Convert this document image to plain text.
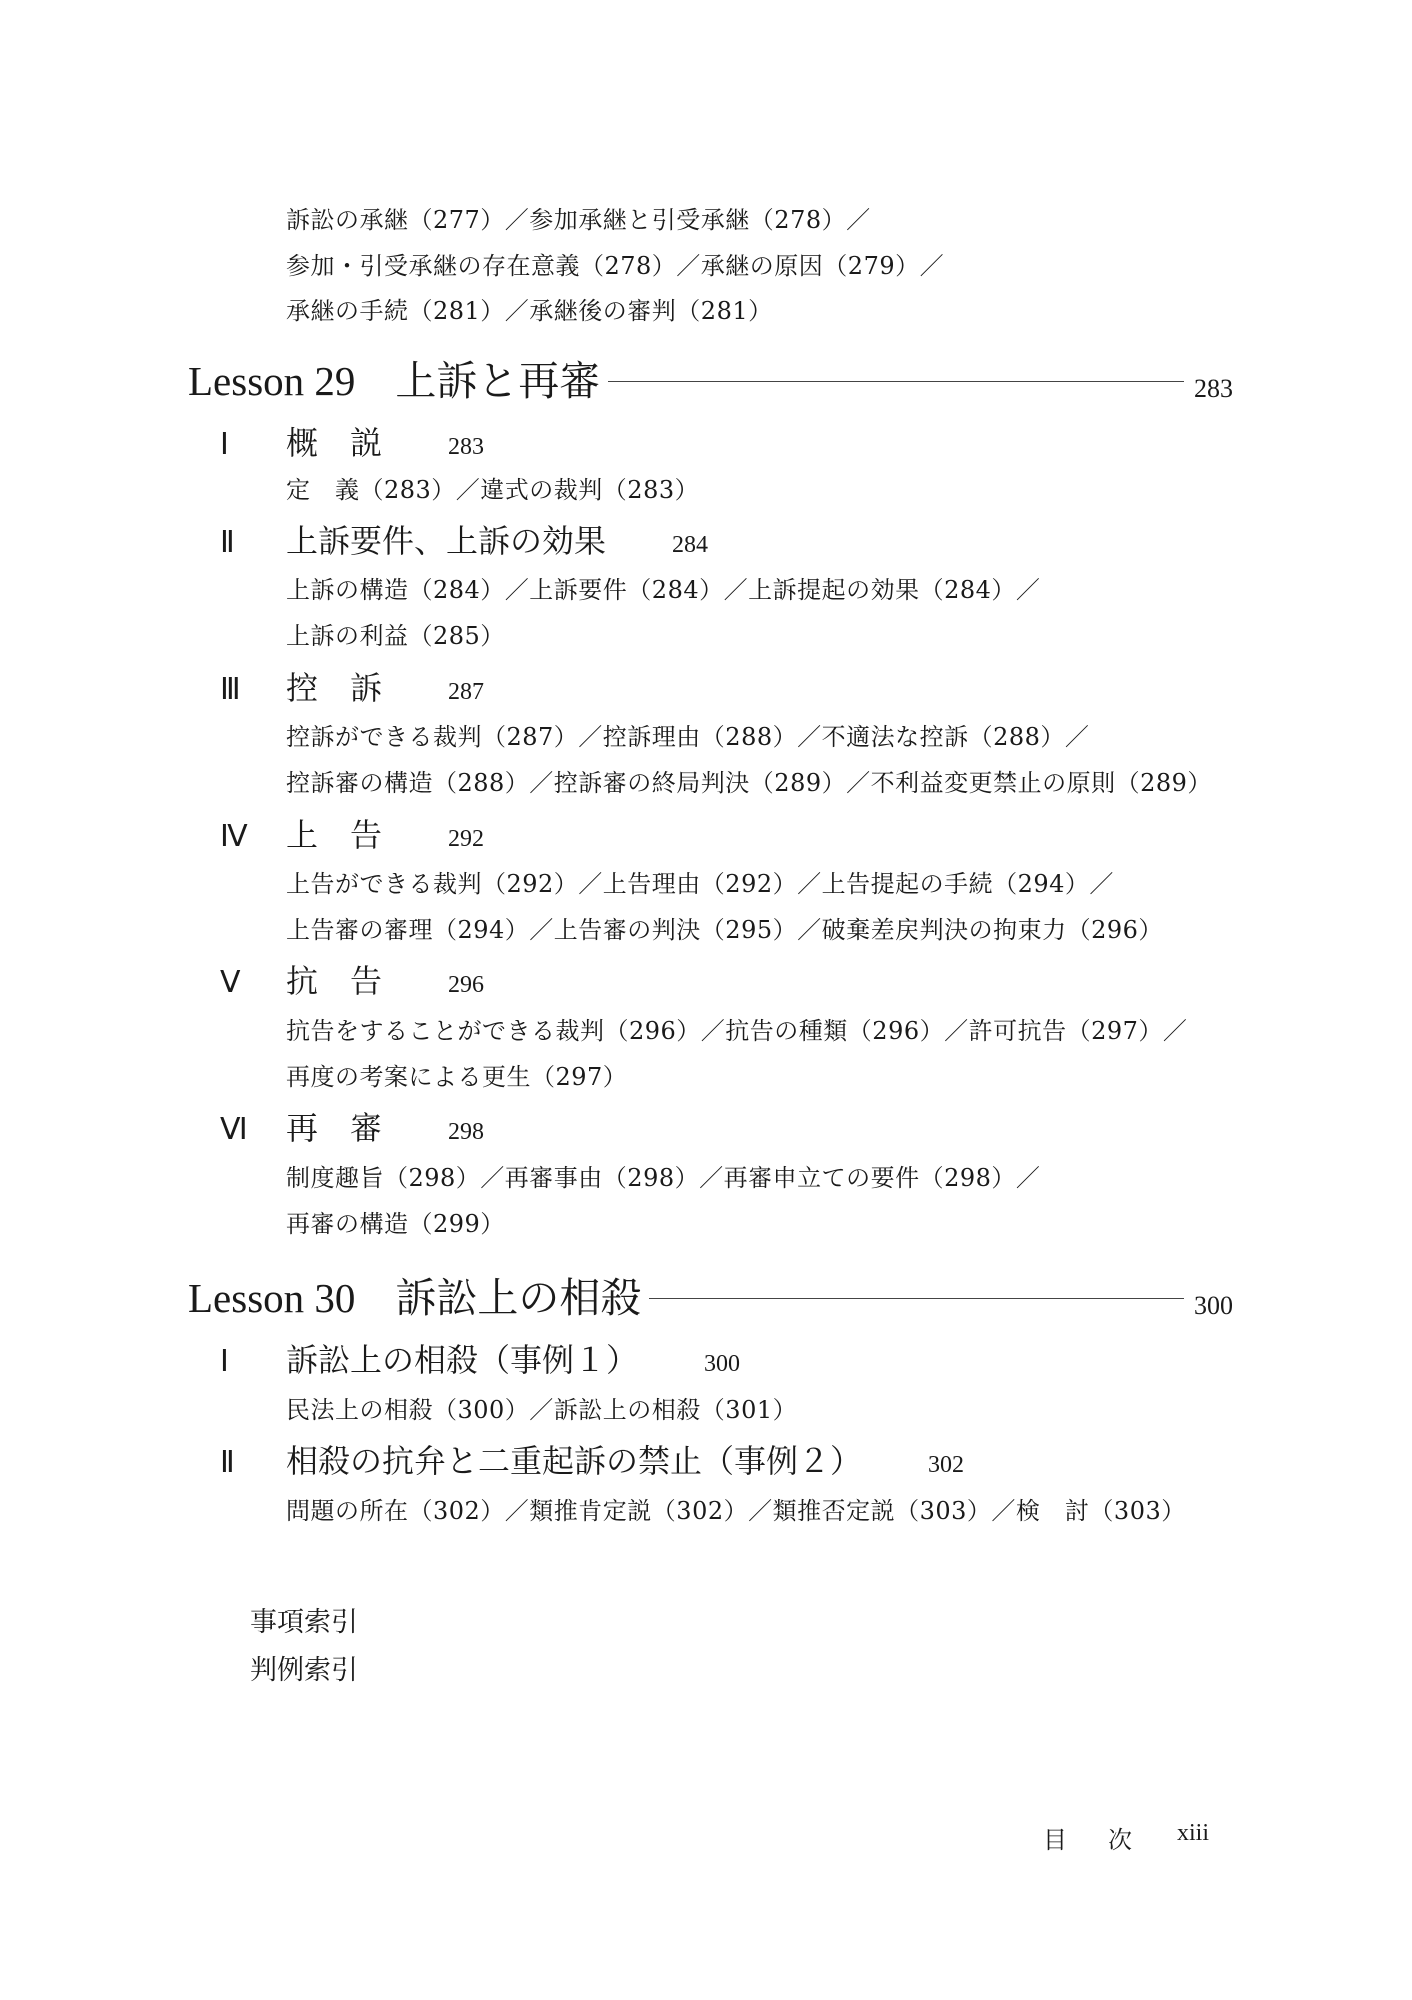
訴訟の承継（277）／参加承継と引受承継（278）／
参加・引受承継の存在意義（278）／承継の原因（279）／
承継の手続（281）／承継後の審判（281）
Lesson 29 上訴と再審	283
Ⅰ	概　説	283
定　義（283）／違式の裁判（283）
Ⅱ	上訴要件、上訴の効果	284
上訴の構造（284）／上訴要件（284）／上訴提起の効果（284）／
上訴の利益（285）
Ⅲ	控　訴	287
控訴ができる裁判（287）／控訴理由（288）／不適法な控訴（288）／
控訴審の構造（288）／控訴審の終局判決（289）／不利益変更禁止の原則（289）
Ⅳ	上　告	292
上告ができる裁判（292）／上告理由（292）／上告提起の手続（294）／
上告審の審理（294）／上告審の判決（295）／破棄差戻判決の拘束力（296）
Ⅴ	抗　告	296
抗告をすることができる裁判（296）／抗告の種類（296）／許可抗告（297）／
再度の考案による更生（297）
Ⅵ	再　審	298
制度趣旨（298）／再審事由（298）／再審申立ての要件（298）／
再審の構造（299）
Lesson 30 訴訟上の相殺	300
Ⅰ	訴訟上の相殺（事例１）	300
民法上の相殺（300）／訴訟上の相殺（301）
Ⅱ	相殺の抗弁と二重起訴の禁止（事例２）	302
問題の所在（302）／類推肯定説（302）／類推否定説（303）／検　討（303）
事項索引
判例索引
目 次 xiii
